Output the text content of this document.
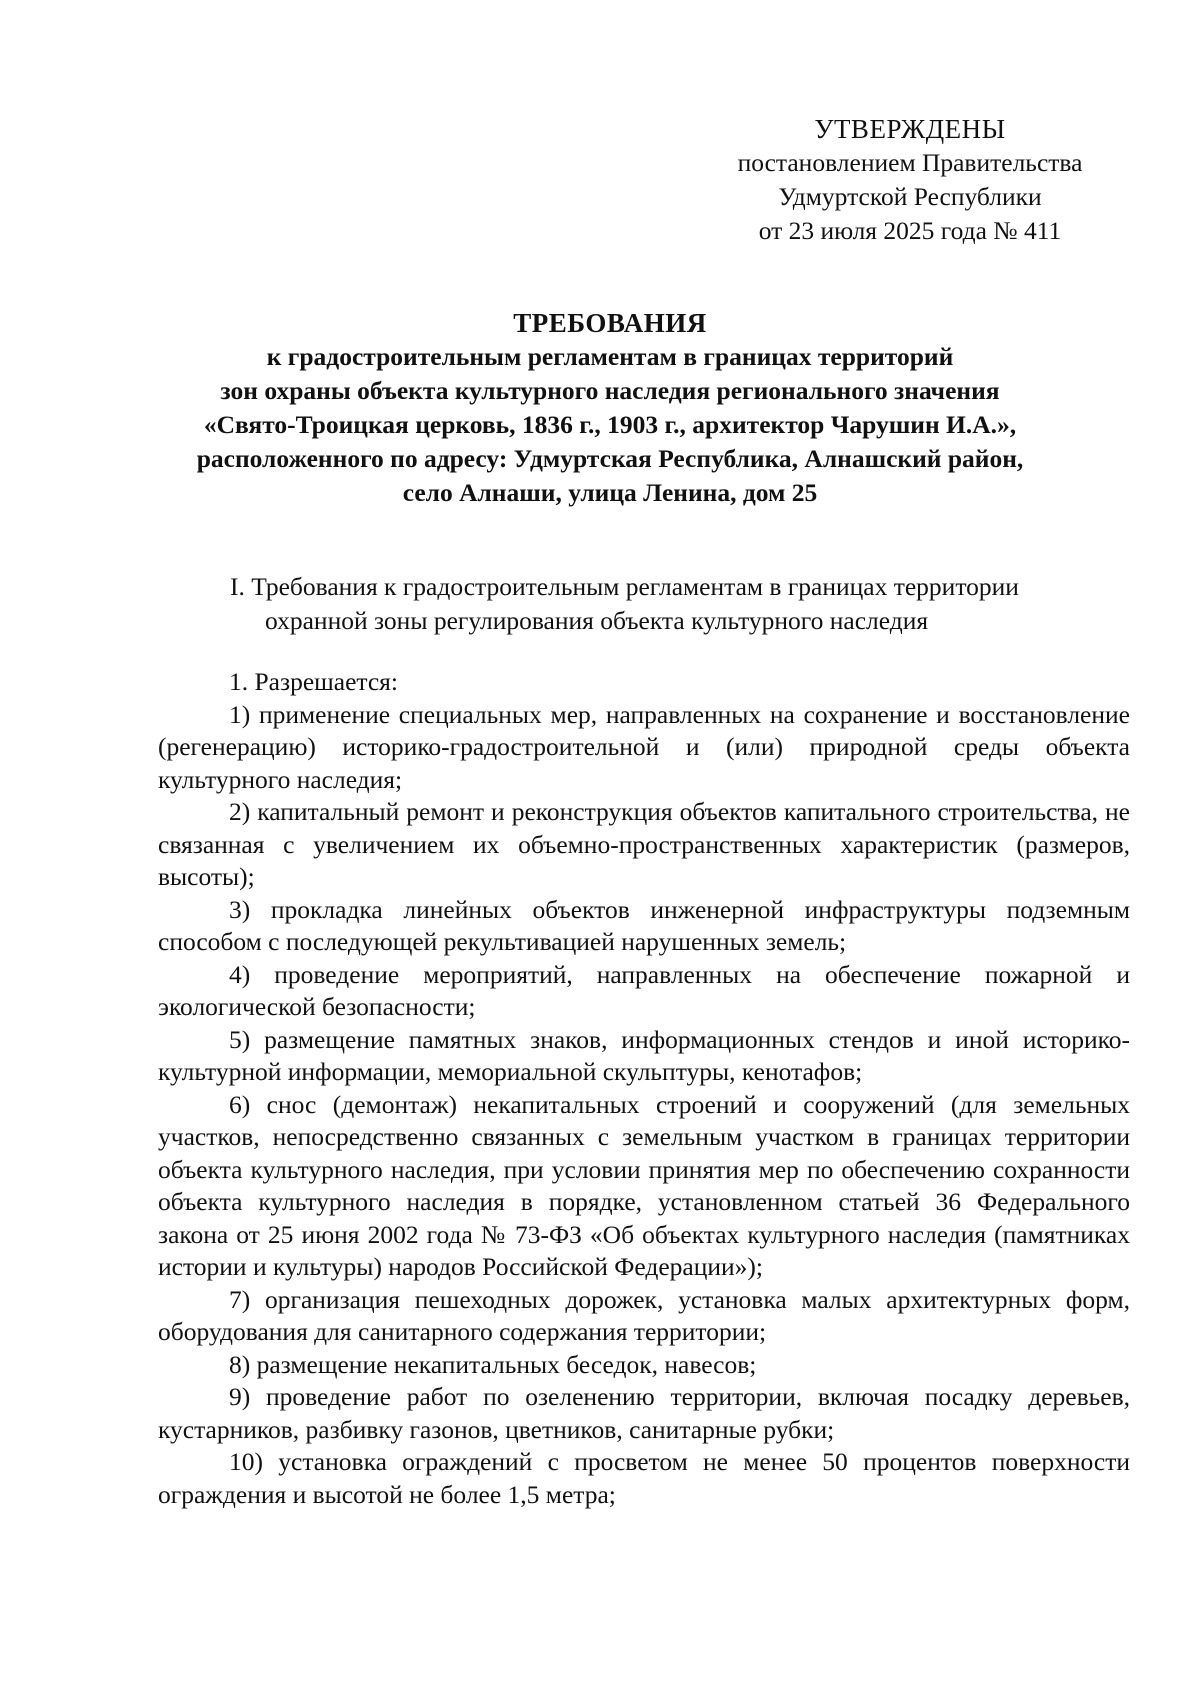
УТВЕРЖДЕНЫ
постановлением Правительства
Удмуртской Республики
от 23 июля 2025 года № 411
ТРЕБОВАНИЯ
к градостроительным регламентам в границах территорий
зон охраны объекта культурного наследия регионального значения
«Свято-Троицкая церковь, 1836 г., 1903 г., архитектор Чарушин И.А.»,
расположенного по адресу: Удмуртская Республика, Алнашский район,
село Алнаши, улица Ленина, дом 25
I. Требования к градостроительным регламентам в границах территории
охранной зоны регулирования объекта культурного наследия

1. Разрешается:

1) применение специальных мер, направленных на сохранение и восстановление (регенерацию) историко-градостроительной и (или) природной среды объекта культурного наследия;

2) капитальный ремонт и реконструкция объектов капитального строительства, не связанная с увеличением их объемно-пространственных характеристик (размеров, высоты);

3) прокладка линейных объектов инженерной инфраструктуры подземным способом с последующей рекультивацией нарушенных земель;

4) проведение мероприятий, направленных на обеспечение пожарной и экологической безопасности;

5) размещение памятных знаков, информационных стендов и иной историко-культурной информации, мемориальной скульптуры, кенотафов;

6) снос (демонтаж) некапитальных строений и сооружений (для земельных участков, непосредственно связанных с земельным участком в границах территории объекта культурного наследия, при условии принятия мер по обеспечению сохранности объекта культурного наследия в порядке, установленном статьей 36 Федерального закона от 25 июня 2002 года № 73-ФЗ «Об объектах культурного наследия (памятниках истории и культуры) народов Российской Федерации»);

7) организация пешеходных дорожек, установка малых архитектурных форм, оборудования для санитарного содержания территории;

8) размещение некапитальных беседок, навесов;

9) проведение работ по озеленению территории, включая посадку деревьев, кустарников, разбивку газонов, цветников, санитарные рубки;

10) установка ограждений с просветом не менее 50 процентов поверхности ограждения и высотой не более 1,5 метра;
